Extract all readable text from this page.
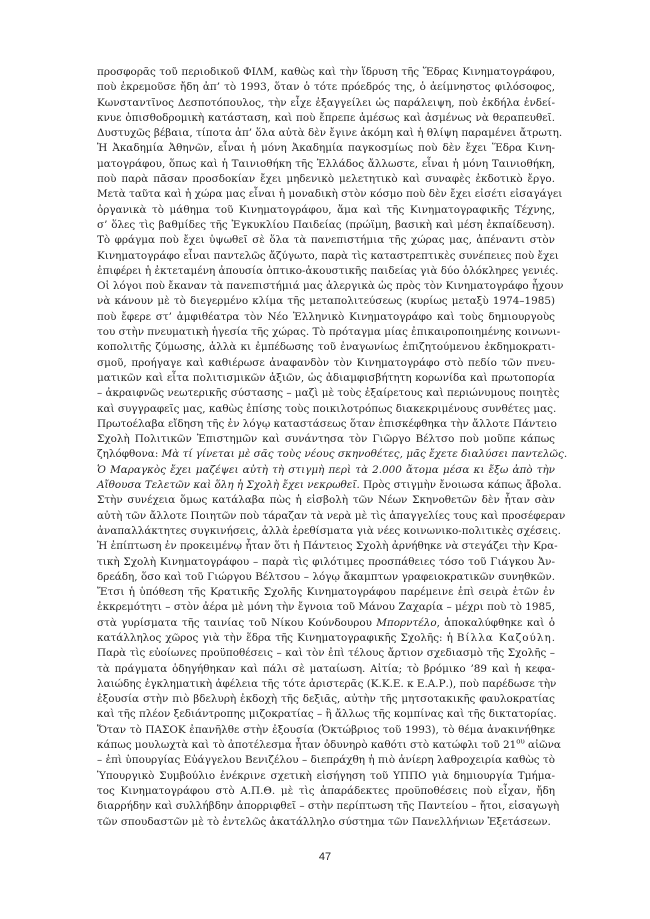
προσφορᾶς τοῦ περιοδικοῦ ΦΙΛΜ, καθὼς καὶ τὴν ἵδρυση τῆς Ἕδρας Κινηματογράφου,
ποὺ ἐκρεμοῦσε ἤδη ἀπ’ τὸ 1993, ὅταν ὁ τότε πρόεδρός της, ὁ ἀείμνηστος φιλόσοφος,
Κωνσταντῖνος Δεσποτόπουλος, τὴν εἶχε ἐξαγγείλει ὡς παράλειψη, ποὺ ἐκδήλα ἐνδεί-
κνυε ὀπισθοδρομικὴ κατάσταση, καὶ ποὺ ἔπρεπε ἀμέσως καὶ ἀσμένως νὰ θεραπευθεῖ.
Δυστυχῶς βέβαια, τίποτα ἀπ’ ὅλα αὐτὰ δὲν ἔγινε ἀκόμη καὶ ἡ θλίψη παραμένει ἄτρωτη.
Ἡ Ἀκαδημία Ἀθηνῶν, εἶναι ἡ μόνη Ἀκαδημία παγκοσμίως ποὺ δὲν ἔχει Ἕδρα Κινη-
ματογράφου, ὅπως καὶ ἡ Ταινιοθήκη τῆς Ἑλλάδος ἄλλωστε, εἶναι ἡ μόνη Ταινιοθήκη,
ποὺ παρὰ πᾶσαν προσδοκίαν ἔχει μηδενικὸ μελετητικὸ καὶ συναφὲς ἐκδοτικὸ ἔργο.
Μετὰ ταῦτα καὶ ἡ χώρα μας εἶναι ἡ μοναδικὴ στὸν κόσμο ποὺ δὲν ἔχει εἰσέτι εἰσαγάγει
ὀργανικὰ τὸ μάθημα τοῦ Κινηματογράφου, ἅμα καὶ τῆς Κινηματογραφικῆς Τέχνης,
σ’ ὅλες τὶς βαθμίδες τῆς Ἐγκυκλίου Παιδείας (πρώϊμη, βασικὴ καὶ μέση ἐκπαίδευση).
Τὸ φράγμα ποὺ ἔχει ὑψωθεῖ σὲ ὅλα τὰ πανεπιστήμια τῆς χώρας μας, ἀπέναντι στὸν
Κινηματογράφο εἶναι παντελῶς ἄζύγωτο, παρὰ τὶς καταστρεπτικὲς συνέπειες ποὺ ἔχει
ἐπιφέρει ἡ ἐκτεταμένη ἀπουσία ὀπτικο-ἀκουστικῆς παιδείας γιὰ δύο ὁλόκληρες γενιές.
Οἱ λόγοι ποὺ ἔκαναν τὰ πανεπιστήμιά μας ἀλεργικὰ ὡς πρὸς τὸν Κινηματογράφο ἦχουν
νὰ κάνουν μὲ τὸ διεγερμένο κλίμα τῆς μεταπολιτεύσεως (κυρίως μεταξὺ 1974–1985)
ποὺ ἔφερε στ’ ἀμφιθέατρα τὸν Νέο Ἑλληνικὸ Κινηματογράφο καὶ τοὺς δημιουργοὺς
του στὴν πνευματικὴ ἡγεσία τῆς χώρας. Τὸ πρόταγμα μίας ἐπικαιροποιημένης κοινωνι-
κοπολιτῆς ζύμωσης, ἀλλὰ κι ἐμπέδωσης τοῦ ἐναγωνίως ἐπιζητούμενου ἐκδημοκρατι-
σμοῦ, προήγαγε καὶ καθιέρωσε ἀναφανδὸν τὸν Κινηματογράφο στὸ πεδίο τῶν πνευ-
ματικῶν καὶ εἶτα πολιτισμικῶν ἀξιῶν, ὡς ἀδιαμφισβήτητη κορωνίδα καὶ πρωτοπορία
– ἀκραιφνῶς νεωτερικῆς σύστασης – μαζὶ μὲ τοὺς ἐξαίρετους καὶ περιώνυμους ποιητὲς
καὶ συγγραφεῖς μας, καθὼς ἐπίσης τοὺς ποικιλοτρόπως διακεκριμένους συνθέτες μας.
Πρωτοέλαβα εἴδηση τῆς ἐν λόγῳ καταστάσεως ὅταν ἐπισκέφθηκα τὴν ἄλλοτε Πάντειο
Σχολὴ Πολιτικῶν Ἐπιστημῶν καὶ συνάντησα τὸν Γιῶργο Βέλτσο ποὺ μοῦπε κάπως
ζηλόφθονα: Μὰ τί γίνεται μὲ σᾶς τοὺς νέους σκηνοθέτες, μᾶς ἔχετε διαλύσει παντελῶς.
Ὁ Μαραγκὸς ἔχει μαζέψει αὐτὴ τὴ στιγμὴ περὶ τὰ 2.000 ἄτομα μέσα κι ἔξω ἀπὸ τὴν
Αἴθουσα Τελετῶν καὶ ὅλη ἡ Σχολὴ ἔχει νεκρωθεῖ. Πρὸς στιγμὴν ἔνοιωσα κάπως ἄβολα.
Στὴν συνέχεια ὅμως κατάλαβα πὼς ἡ εἰσβολὴ τῶν Νέων Σκηνοθετῶν δὲν ἦταν σὰν
αὐτὴ τῶν ἄλλοτε Ποιητῶν ποὺ τάραζαν τὰ νερὰ μὲ τὶς ἀπαγγελίες τους καὶ προσέφεραν
ἀναπαλλάκτητες συγκινήσεις, ἀλλὰ ἐρεθίσματα γιὰ νέες κοινωνικο-πολιτικὲς σχέσεις.
Ἡ ἐπίπτωση ἐν προκειμένῳ ἦταν ὅτι ἡ Πάντειος Σχολὴ ἀρνήθηκε νὰ στεγάζει τὴν Κρα-
τικὴ Σχολὴ Κινηματογράφου – παρὰ τὶς φιλότιμες προσπάθειες τόσο τοῦ Γιάγκου Ἀν-
δρεάδη, ὅσο καὶ τοῦ Γιώργου Βέλτσου – λόγῳ ἄκαμπτων γραφειοκρατικῶν συνηθκῶν.
Ἔτσι ἡ ὑπόθεση τῆς Κρατικῆς Σχολῆς Κινηματογράφου παρέμεινε ἐπὶ σειρὰ ἐτῶν ἐν
ἐκκρεμότητι – στὸν ἀέρα μὲ μόνη τὴν ἔγνοια τοῦ Μάνου Ζαχαρία – μέχρι ποὺ τὸ 1985,
στὰ γυρίσματα τῆς ταινίας τοῦ Νίκου Κούνδουρου Μπορντέλο, ἀποκαλύφθηκε καὶ ὁ
κατάλληλος χῶρος γιὰ τὴν ἕδρα τῆς Κινηματογραφικῆς Σχολῆς: ἡ Βίλλα Καζούλη.
Παρὰ τὶς εὐοίωνες προϋποθέσεις – καὶ τὸν ἐπὶ τέλους ἄρτιον σχεδιασμὸ τῆς Σχολῆς –
τὰ πράγματα ὁδηγήθηκαν καὶ πάλι σὲ ματαίωση. Αἰτία; τὸ βρόμικο ’89 καὶ ἡ κεφα-
λαιώδης ἐγκληματικὴ ἀφέλεια τῆς τότε ἀριστερᾶς (Κ.Κ.Ε. κ Ε.Α.Ρ.), ποὺ παρέδωσε τὴν
ἐξουσία στὴν πιὸ βδελυρὴ ἐκδοχὴ τῆς δεξιᾶς, αὐτὴν τῆς μητσοτακικῆς φαυλοκρατίας
καὶ τῆς πλέον ξεδιάντροπης μιζοκρατίας – ἢ ἄλλως τῆς κομπίνας καὶ τῆς δικτατορίας.
Ὅταν τὸ ΠΑΣΟΚ ἐπανῆλθε στὴν ἐξουσία (Ὀκτώβριος τοῦ 1993), τὸ θέμα ἀνακινήθηκε
κάπως μουλωχτὰ καὶ τὸ ἀποτέλεσμα ἦταν ὀδυνηρὸ καθότι στὸ κατώφλι τοῦ $21^{o\upsilon}$ αἰῶνα
– ἐπὶ ὑπουργίας Εὐάγγελου Βενιζέλου – διεπράχθη ἡ πιὸ ἀνίερη λαθροχειρία καθὼς τὸ
Ὑπουργικὸ Συμβούλιο ἐνέκρινε σχετικὴ εἰσήγηση τοῦ ΥΠΠΟ γιὰ δημιουργία Τμήμα-
τος Κινηματογράφου στὸ Α.Π.Θ. μὲ τὶς ἀπαράδεκτες προϋποθέσεις ποὺ εἶχαν, ἤδη
διαρρήδην καὶ συλλήβδην ἀπορριφθεῖ – στὴν περίπτωση τῆς Παντείου – ἤτοι, εἰσαγωγὴ
τῶν σπουδαστῶν μὲ τὸ ἐντελῶς ἀκατάλληλο σύστημα τῶν Πανελλήνιων Ἐξετάσεων.
47
